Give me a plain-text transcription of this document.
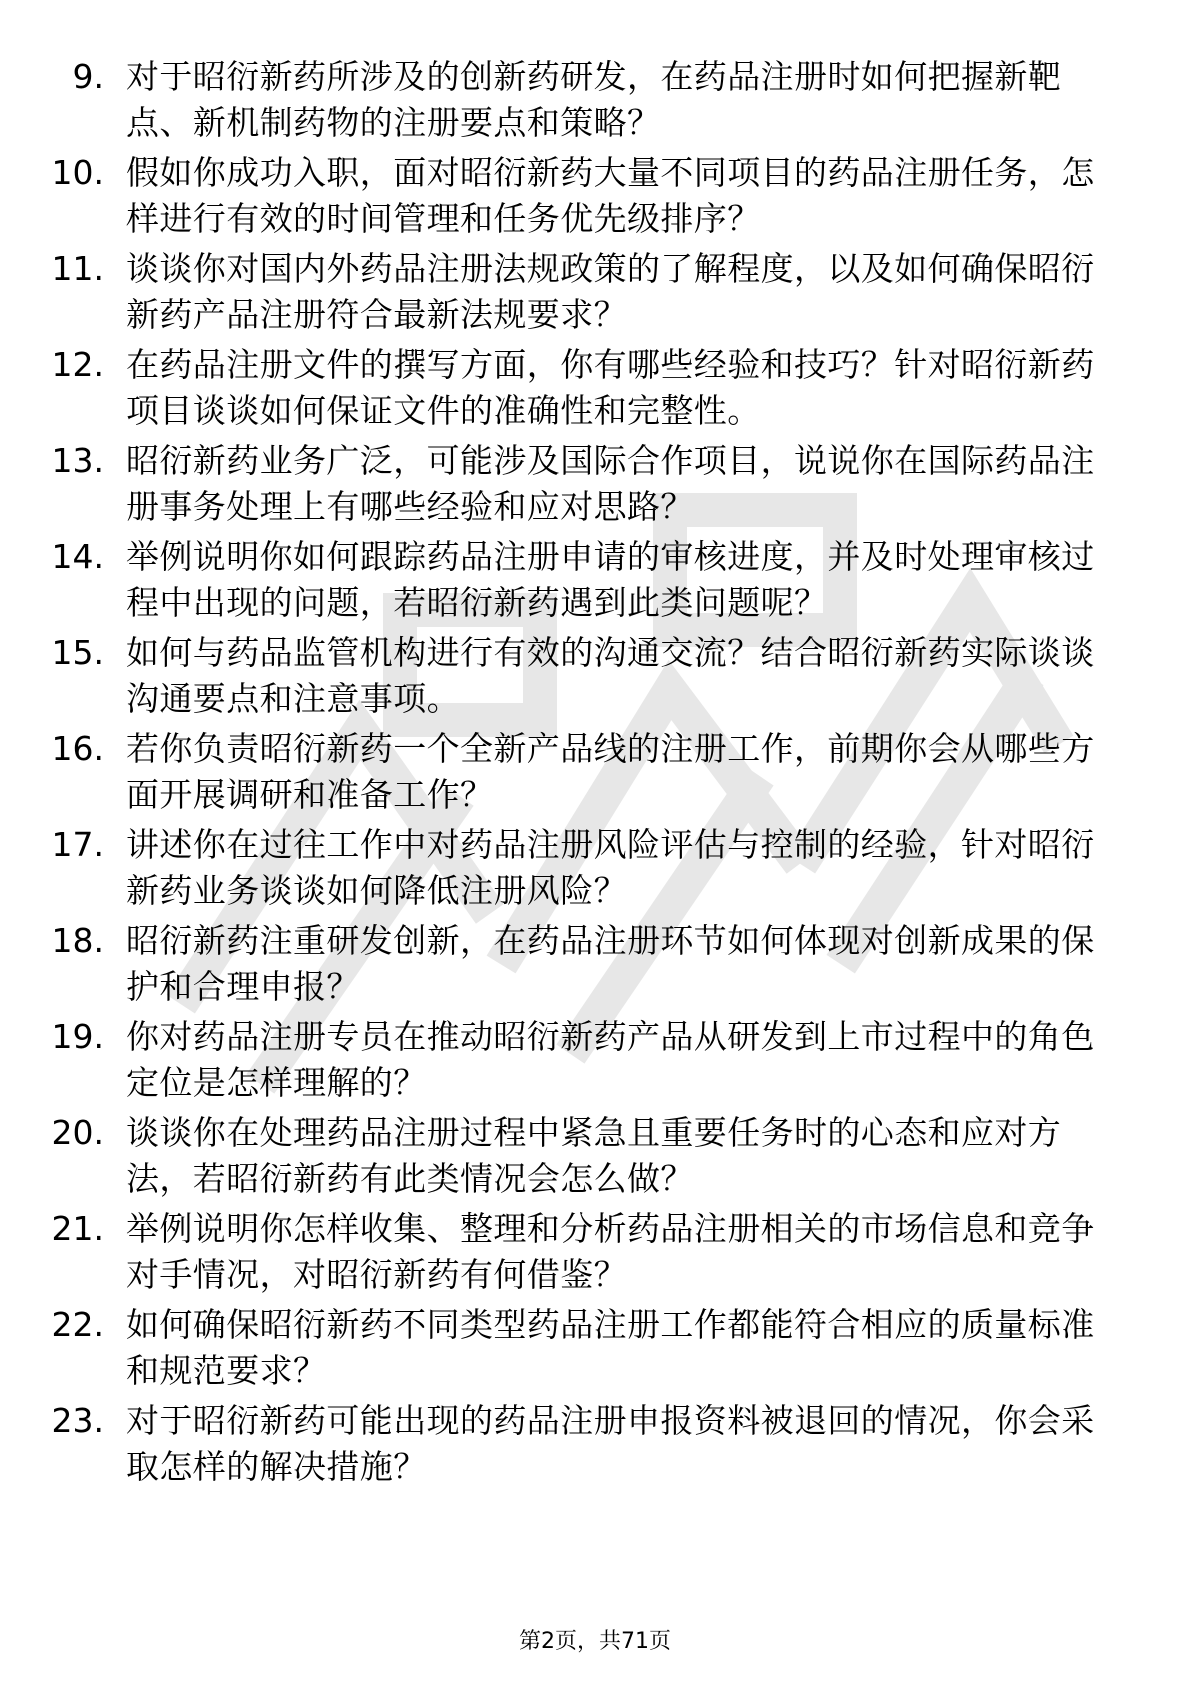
9. 对于昭衍新药所涉及的创新药研发，在药品注册时如何把握新靶点、新机制药物的注册要点和策略？
10. 假如你成功入职，面对昭衍新药大量不同项目的药品注册任务，怎样进行有效的时间管理和任务优先级排序？
11. 谈谈你对国内外药品注册法规政策的了解程度，以及如何确保昭衍新药产品注册符合最新法规要求？
12. 在药品注册文件的撰写方面，你有哪些经验和技巧？针对昭衍新药项目谈谈如何保证文件的准确性和完整性。
13. 昭衍新药业务广泛，可能涉及国际合作项目，说说你在国际药品注册事务处理上有哪些经验和应对思路？
14. 举例说明你如何跟踪药品注册申请的审核进度，并及时处理审核过程中出现的问题，若昭衍新药遇到此类问题呢？
15. 如何与药品监管机构进行有效的沟通交流？结合昭衍新药实际谈谈沟通要点和注意事项。
16. 若你负责昭衍新药一个全新产品线的注册工作，前期你会从哪些方面开展调研和准备工作？
17. 讲述你在过往工作中对药品注册风险评估与控制的经验，针对昭衍新药业务谈谈如何降低注册风险？
18. 昭衍新药注重研发创新，在药品注册环节如何体现对创新成果的保护和合理申报？
19. 你对药品注册专员在推动昭衍新药产品从研发到上市过程中的角色定位是怎样理解的？
20. 谈谈你在处理药品注册过程中紧急且重要任务时的心态和应对方法，若昭衍新药有此类情况会怎么做？
21. 举例说明你怎样收集、整理和分析药品注册相关的市场信息和竞争对手情况，对昭衍新药有何借鉴？
22. 如何确保昭衍新药不同类型药品注册工作都能符合相应的质量标准和规范要求？
23. 对于昭衍新药可能出现的药品注册申报资料被退回的情况，你会采取怎样的解决措施？
第2页，共71页
